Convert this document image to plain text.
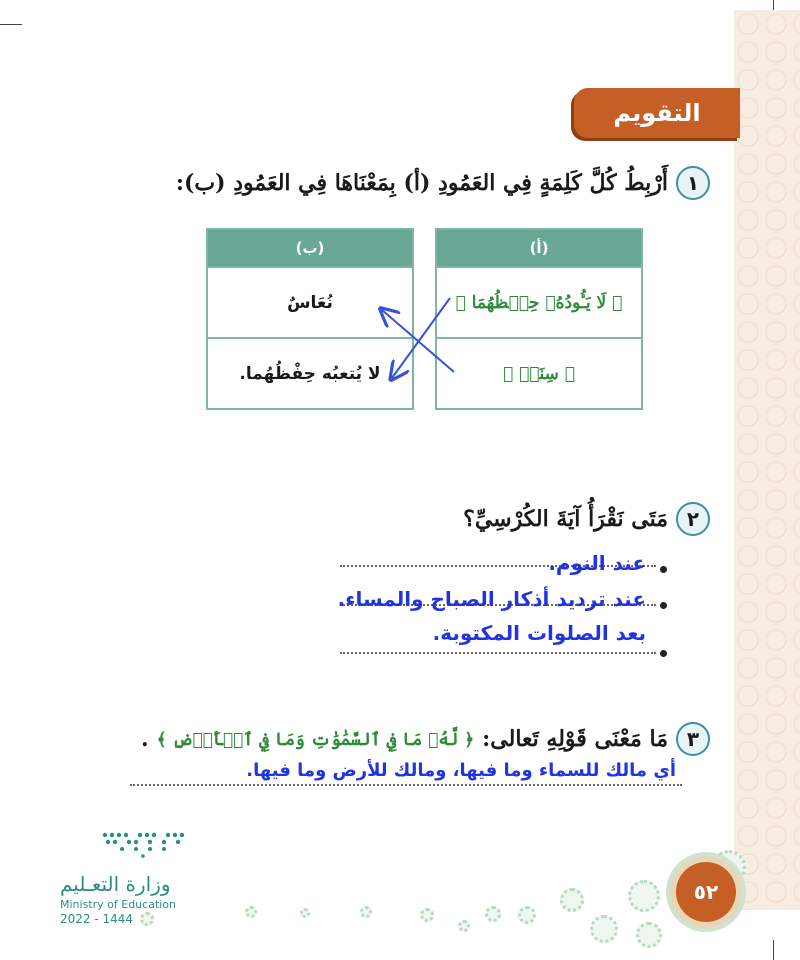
التقويم
١
أَرْبِطُ كُلَّ كَلِمَةٍ فِي العَمُودِ (أ) بِمَعْنَاهَا فِي العَمُودِ (ب):
(أ)
﴿ لَا يَـُٔودُهُۥ حِفۡظُهُمَا ﴾
﴿ سِنَةٞ ﴾
(ب)
نُعَاسٌ
لا يُتعبُه حِفْظُهُما.
٢
مَتَى نَقْرَأُ آيَةَ الكُرْسِيِّ؟
عند النوم.
عند ترديد أذكار الصباح والمساء.
بعد الصلوات المكتوبة.
٣
مَا مَعْنَى قَوْلِهِ تَعالى:
﴿ لَّهُۥ مَا فِي ٱلسَّمَٰوَٰتِ وَمَا فِي ٱلۡأَرۡضِ ﴾
.
أي مالك للسماء وما فيها، ومالك للأرض وما فيها.
وزارة التعـليم
Ministry of Education
2022 - 1444
٥٢
